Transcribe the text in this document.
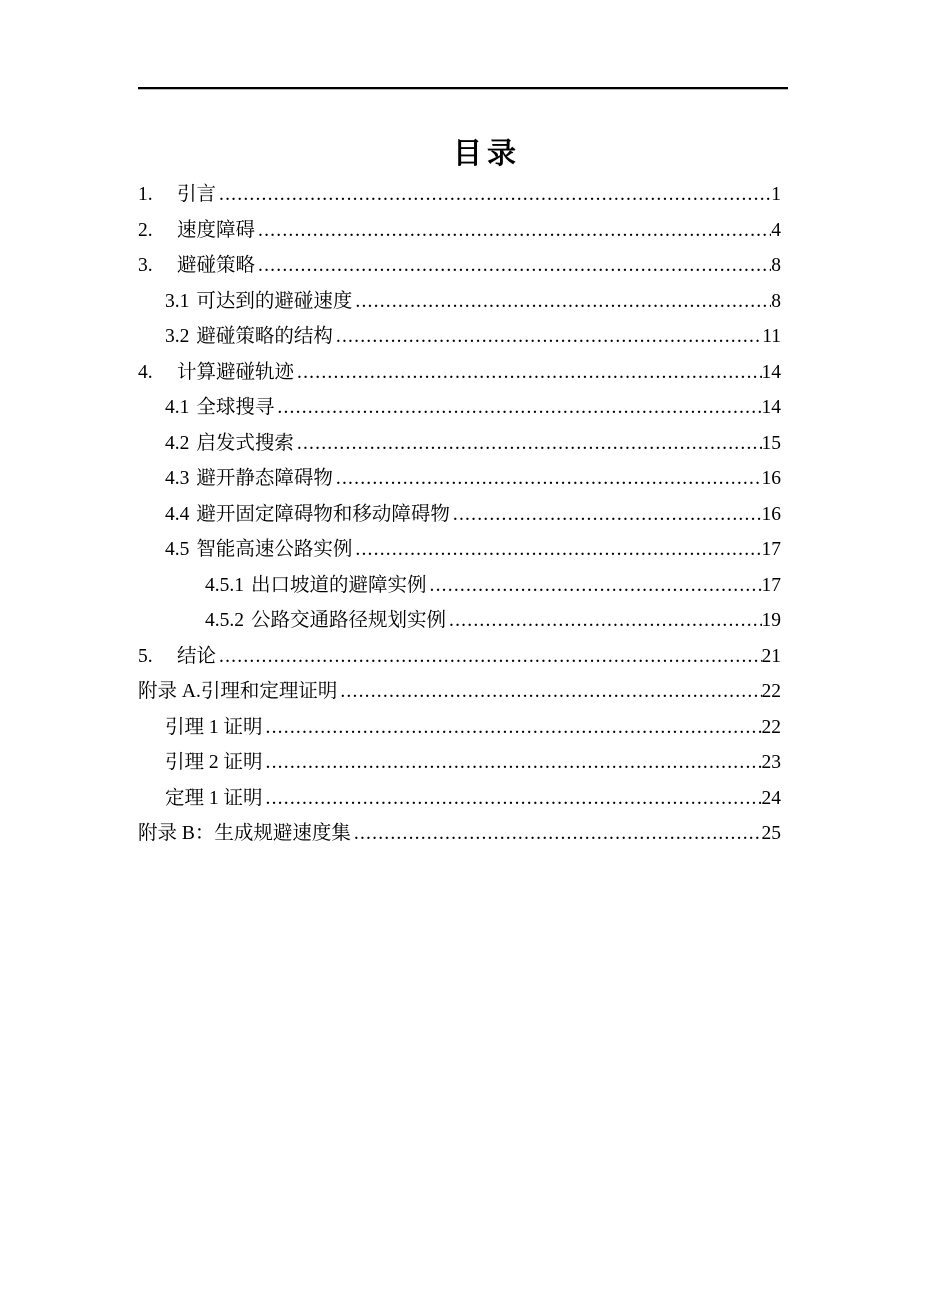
目录
1.	引言 .....	1
2.	速度障碍 .....	4
3.	避碰策略 .....	8
3.1 可达到的避碰速度 .....	8
3.2 避碰策略的结构 .....	11
4.	计算避碰轨迹 .....	14
4.1 全球搜寻 .....	14
4.2 启发式搜索 .....	15
4.3 避开静态障碍物 .....	16
4.4 避开固定障碍物和移动障碍物 .....	16
4.5 智能高速公路实例 .....	17
4.5.1 出口坡道的避障实例 .....	17
4.5.2 公路交通路径规划实例 .....	19
5.	结论 .....	21
附录 A.引理和定理证明 .....	22
引理 1 证明 .....	22
引理 2 证明 .....	23
定理 1 证明 .....	24
附录 B：生成规避速度集 .....	25
